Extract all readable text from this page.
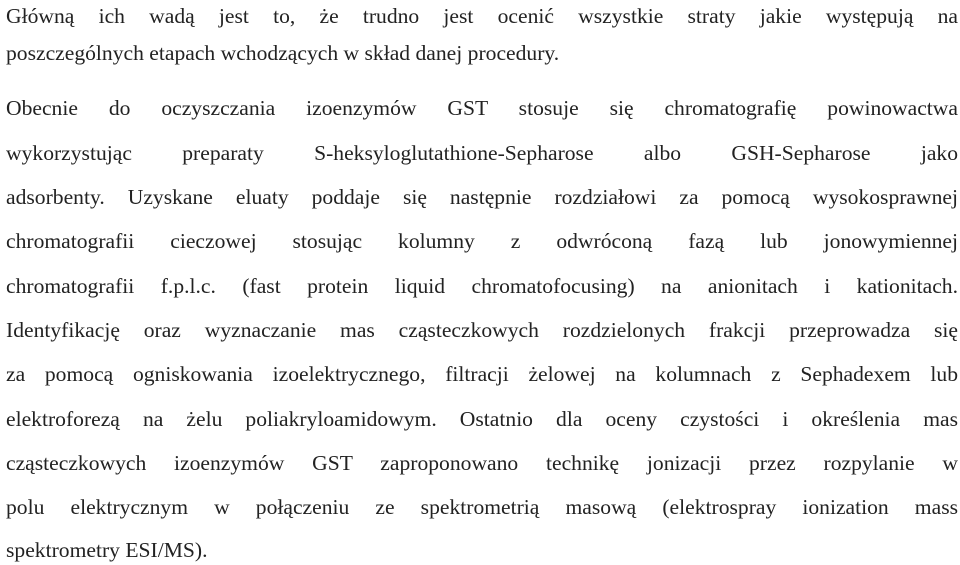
Główną ich wadą jest to, że trudno jest ocenić wszystkie straty jakie występują na
poszczególnych etapach wchodzących w skład danej procedury.
Obecnie do oczyszczania izoenzymów GST stosuje się chromatografię powinowactwa
wykorzystując preparaty S-heksyloglutathione-Sepharose albo GSH-Sepharose jako
adsorbenty. Uzyskane eluaty poddaje się następnie rozdziałowi za pomocą wysokosprawnej
chromatografii cieczowej stosując kolumny z odwróconą fazą lub jonowymiennej
chromatografii f.p.l.c. (fast protein liquid chromatofocusing) na anionitach i kationitach.
Identyfikację oraz wyznaczanie mas cząsteczkowych rozdzielonych frakcji przeprowadza się
za pomocą ogniskowania izoelektrycznego, filtracji żelowej na kolumnach z Sephadexem lub
elektroforezą na żelu poliakryloamidowym. Ostatnio dla oceny czystości i określenia mas
cząsteczkowych izoenzymów GST zaproponowano technikę jonizacji przez rozpylanie w
polu elektrycznym w połączeniu ze spektrometrią masową (elektrospray ionization mass
spektrometry ESI/MS).
